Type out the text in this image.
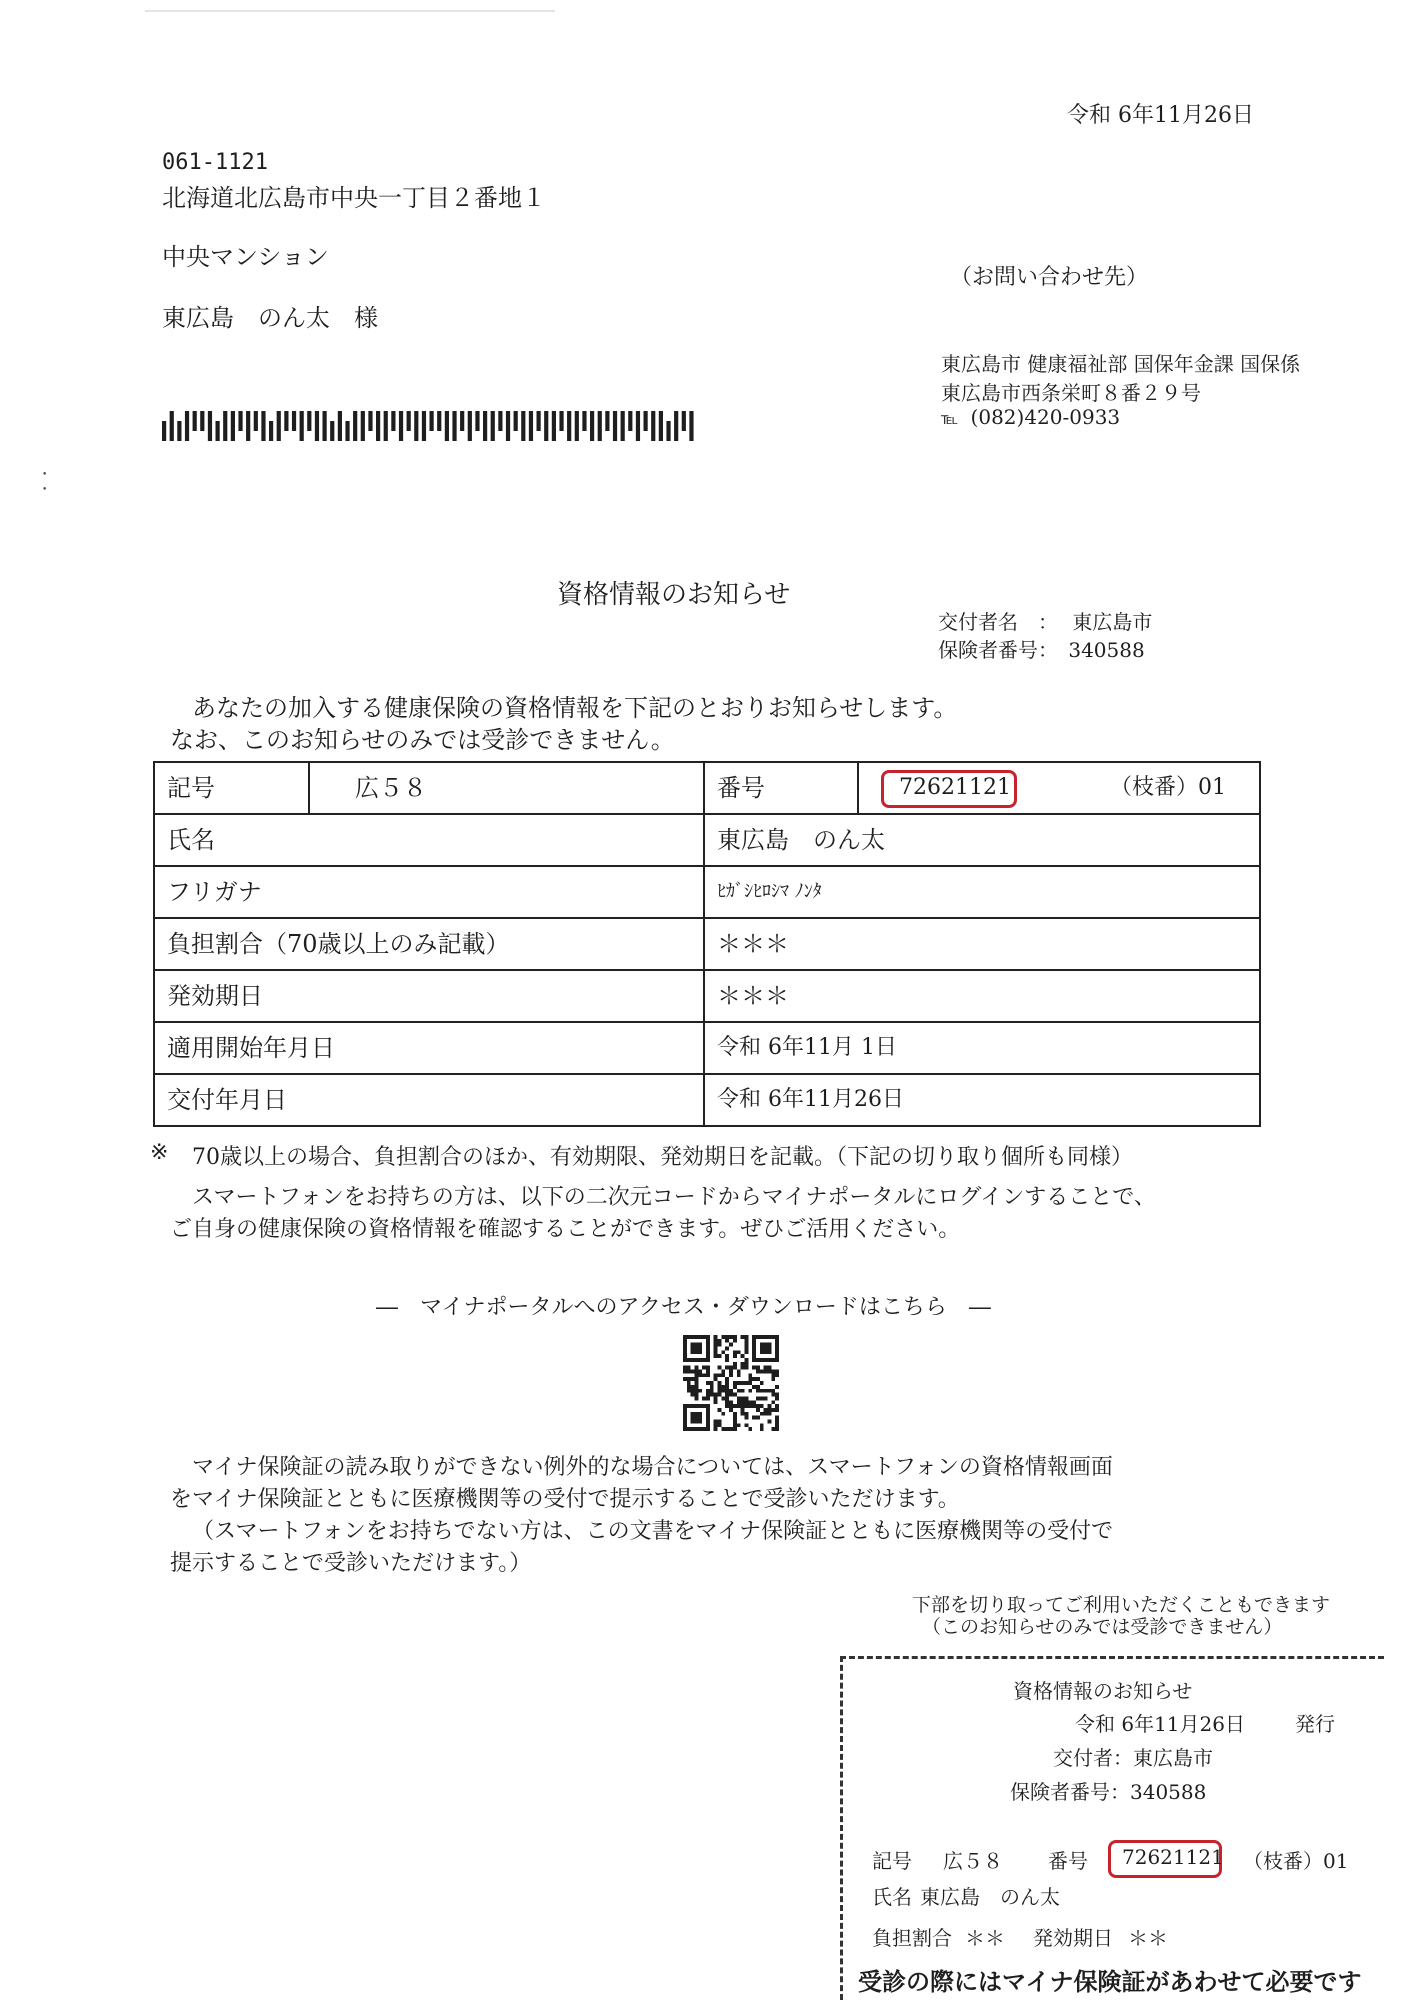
令和 6年11月26日
061-1121
北海道北広島市中央一丁目２番地１
中央マンション
東広島　のん太　様
（お問い合わせ先）
東広島市 健康福祉部 国保年金課 国保係
東広島市西条栄町８番２９号
℡ (082)420-0933
•
•
資格情報のお知らせ
交付者名　： 東広島市
保険者番号： 340588
あなたの加入する健康保険の資格情報を下記のとおりお知らせします。
なお、このお知らせのみでは受診できません。
記号	広５８	番号	72621121	（枝番）01
氏名	東広島　のん太
フリガナ	ﾋｶﾞｼﾋﾛｼﾏ ﾉﾝﾀ
負担割合（70歳以上のみ記載）	＊＊＊
発効期日	＊＊＊
適用開始年月日	令和 6年11月 1日
交付年月日	令和 6年11月26日
※ 70歳以上の場合、負担割合のほか、有効期限、発効期日を記載。（下記の切り取り個所も同様）
スマートフォンをお持ちの方は、以下の二次元コードからマイナポータルにログインすることで、
ご自身の健康保険の資格情報を確認することができます。ぜひご活用ください。
―　マイナポータルへのアクセス・ダウンロードはこちら　―
マイナ保険証の読み取りができない例外的な場合については、スマートフォンの資格情報画面
をマイナ保険証とともに医療機関等の受付で提示することで受診いただけます。
（スマートフォンをお持ちでない方は、この文書をマイナ保険証とともに医療機関等の受付で
提示することで受診いただけます。）
下部を切り取ってご利用いただくこともできます
（このお知らせのみでは受診できません）
資格情報のお知らせ
令和 6年11月26日	発行
交付者：東広島市
保険者番号：340588
記号 広５８ 番号 72621121 （枝番）01
氏名 東広島　のん太
負担割合 ＊＊ 発効期日 ＊＊
受診の際にはマイナ保険証があわせて必要です
